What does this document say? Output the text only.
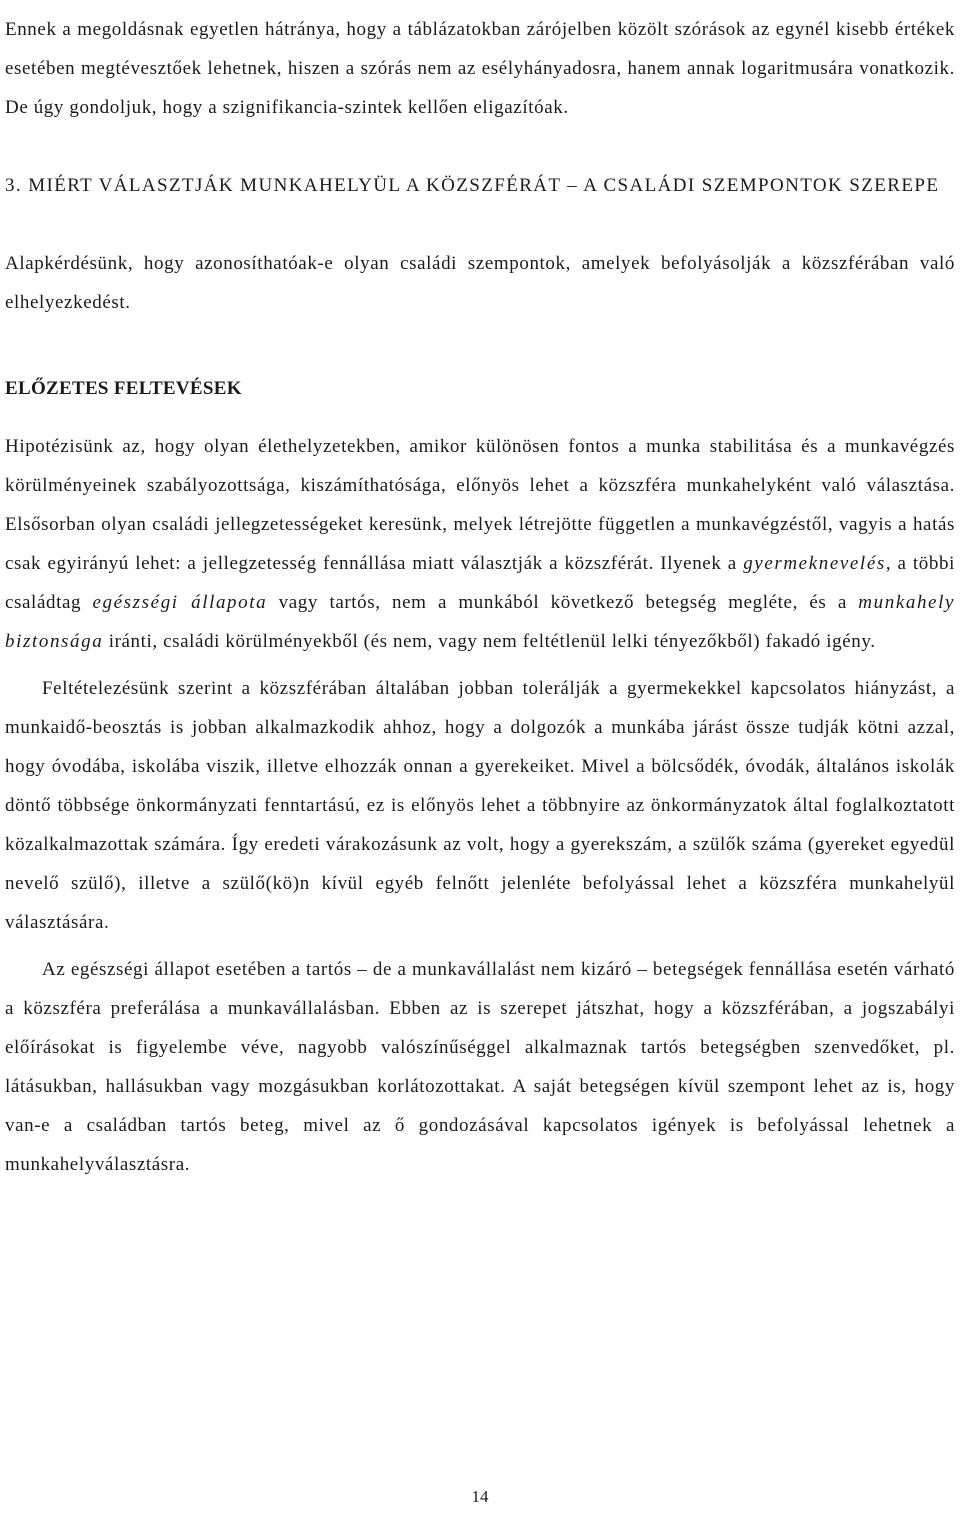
Ennek a megoldásnak egyetlen hátránya, hogy a táblázatokban zárójelben közölt szórások az egynél kisebb értékek esetében megtévesztőek lehetnek, hiszen a szórás nem az esélyhányadosra, hanem annak logaritmusára vonatkozik. De úgy gondoljuk, hogy a szignifikancia-szintek kellően eligazítóak.

3. MIÉRT VÁLASZTJÁK MUNKAHELYÜL A KÖZSZFÉRÁT – A CSALÁDI SZEMPONTOK SZEREPE

Alapkérdésünk, hogy azonosíthatóak-e olyan családi szempontok, amelyek befolyásolják a közszférában való elhelyezkedést.

ELŐZETES FELTEVÉSEK

Hipotézisünk az, hogy olyan élethelyzetekben, amikor különösen fontos a munka stabilitása és a munkavégzés körülményeinek szabályozottsága, kiszámíthatósága, előnyös lehet a közszféra munkahelyként való választása. Elsősorban olyan családi jellegzetességeket keresünk, melyek létrejötte független a munkavégzéstől, vagyis a hatás csak egyirányú lehet: a jellegzetesség fennállása miatt választják a közszférát. Ilyenek a gyermeknevelés, a többi családtag egészségi állapota vagy tartós, nem a munkából következő betegség megléte, és a munkahely biztonsága iránti, családi körülményekből (és nem, vagy nem feltétlenül lelki tényezőkből) fakadó igény.

Feltételezésünk szerint a közszférában általában jobban tolerálják a gyermekekkel kapcsolatos hiányzást, a munkaidő-beosztás is jobban alkalmazkodik ahhoz, hogy a dolgozók a munkába járást össze tudják kötni azzal, hogy óvodába, iskolába viszik, illetve elhozzák onnan a gyerekeiket. Mivel a bölcsődék, óvodák, általános iskolák döntő többsége önkormányzati fenntartású, ez is előnyös lehet a többnyire az önkormányzatok által foglalkoztatott közalkalmazottak számára. Így eredeti várakozásunk az volt, hogy a gyerekszám, a szülők száma (gyereket egyedül nevelő szülő), illetve a szülő(kö)n kívül egyéb felnőtt jelenléte befolyással lehet a közszféra munkahelyül választására.

Az egészségi állapot esetében a tartós – de a munkavállalást nem kizáró – betegségek fennállása esetén várható a közszféra preferálása a munkavállalásban. Ebben az is szerepet játszhat, hogy a közszférában, a jogszabályi előírásokat is figyelembe véve, nagyobb valószínűséggel alkalmaznak tartós betegségben szenvedőket, pl. látásukban, hallásukban vagy mozgásukban korlátozottakat. A saját betegségen kívül szempont lehet az is, hogy van-e a családban tartós beteg, mivel az ő gondozásával kapcsolatos igények is befolyással lehetnek a munkahelyválasztásra.

14
